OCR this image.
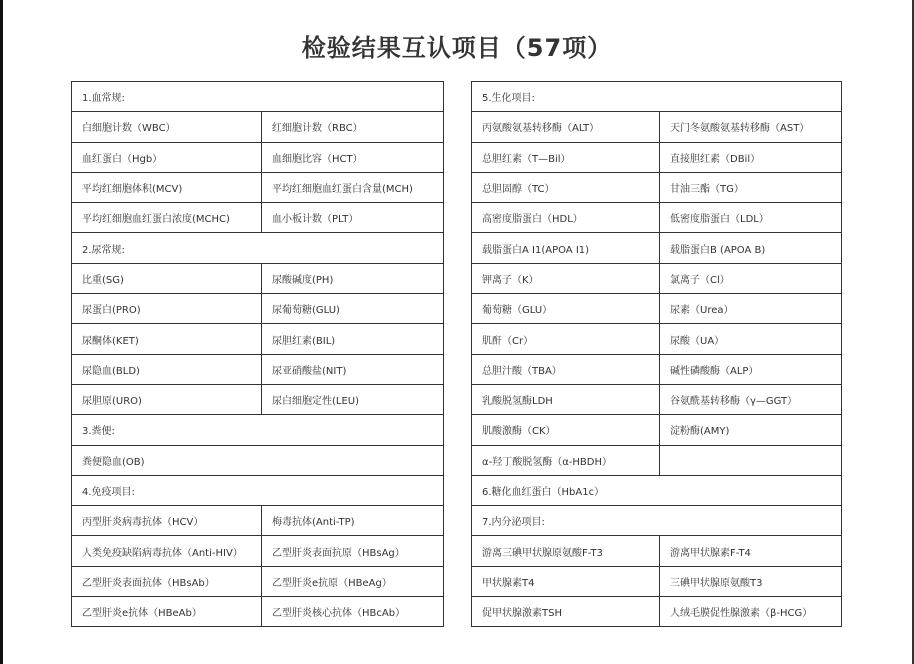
检验结果互认项目（57项）
1.血常规:	
白细胞计数（WBC）	红细胞计数（RBC）
血红蛋白（Hgb）	血细胞比容（HCT）
平均红细胞体积(MCV)	平均红细胞血红蛋白含量(MCH)
平均红细胞血红蛋白浓度(MCHC)	血小板计数（PLT）
2.尿常规:	
比重(SG)	尿酸碱度(PH)
尿蛋白(PRO)	尿葡萄糖(GLU)
尿酮体(KET)	尿胆红素(BIL)
尿隐血(BLD)	尿亚硝酸盐(NIT)
尿胆原(URO)	尿白细胞定性(LEU)
3.粪便:	
粪便隐血(OB)	
4.免疫项目:	
丙型肝炎病毒抗体（HCV）	梅毒抗体(Anti-TP)
人类免疫缺陷病毒抗体（Anti-HIV）	乙型肝炎表面抗原（HBsAg）
乙型肝炎表面抗体（HBsAb）	乙型肝炎e抗原（HBeAg）
乙型肝炎e抗体（HBeAb）	乙型肝炎核心抗体（HBcAb）
5.生化项目:	
丙氨酸氨基转移酶（ALT）	天门冬氨酸氨基转移酶（AST）
总胆红素（T—Bil）	直接胆红素（DBil）
总胆固醇（TC）	甘油三酯（TG）
高密度脂蛋白（HDL）	低密度脂蛋白（LDL）
载脂蛋白A I1(APOA I1)	载脂蛋白B (APOA B)
钾离子（K）	氯离子（Cl）
葡萄糖（GLU）	尿素（Urea）
肌酐（Cr）	尿酸（UA）
总胆汁酸（TBA）	碱性磷酸酶（ALP）
乳酸脱氢酶LDH	谷氨酰基转移酶（γ—GGT）
肌酸激酶（CK）	淀粉酶(AMY)
α-羟丁酸脱氢酶（α-HBDH）	
6.糖化血红蛋白（HbA1c）	
7.内分泌项目:	
游离三碘甲状腺原氨酸F-T3	游离甲状腺素F-T4
甲状腺素T4	三碘甲状腺原氨酸T3
促甲状腺激素TSH	人绒毛膜促性腺激素（β-HCG）
